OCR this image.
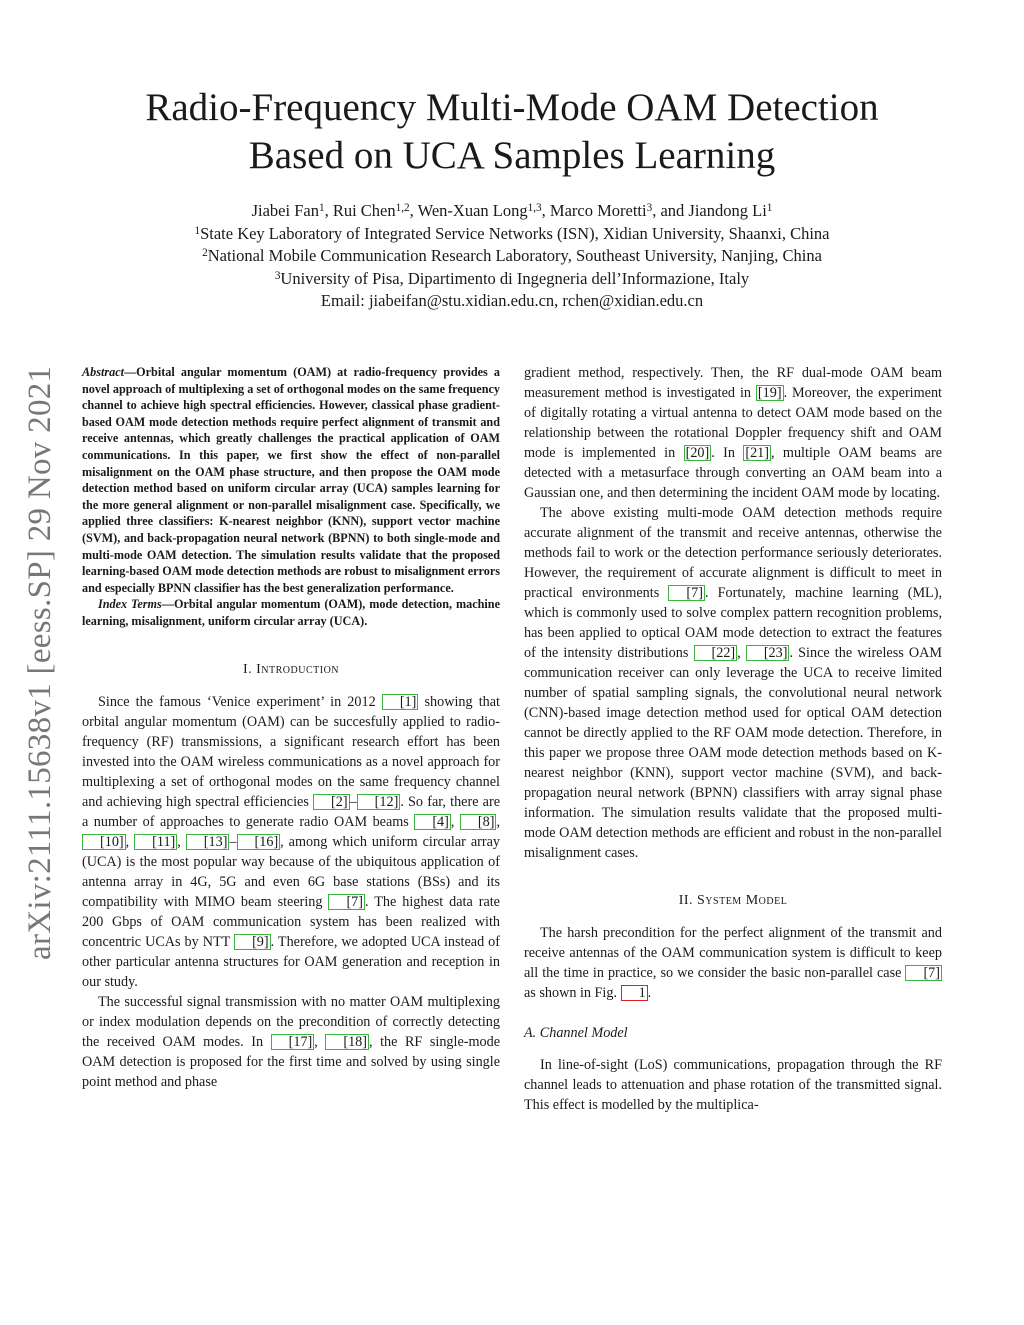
arXiv:2111.15638v1 [eess.SP] 29 Nov 2021
Radio-Frequency Multi-Mode OAM Detection
Based on UCA Samples Learning
Jiabei Fan$^1$, Rui Chen$^{1,2}$, Wen-Xuan Long$^{1,3}$, Marco Moretti$^3$, and Jiandong Li$^1$
$^1$State Key Laboratory of Integrated Service Networks (ISN), Xidian University, Shaanxi, China
$^2$National Mobile Communication Research Laboratory, Southeast University, Nanjing, China
$^3$University of Pisa, Dipartimento di Ingegneria dell’Informazione, Italy
Email: jiabeifan@stu.xidian.edu.cn, rchen@xidian.edu.cn
Abstract—Orbital angular momentum (OAM) at radio-frequency provides a novel approach of multiplexing a set of orthogonal modes on the same frequency channel to achieve high spectral efficiencies. However, classical phase gradient-based OAM mode detection methods require perfect alignment of transmit and receive antennas, which greatly challenges the practical application of OAM communications. In this paper, we first show the effect of non-parallel misalignment on the OAM phase structure, and then propose the OAM mode detection method based on uniform circular array (UCA) samples learning for the more general alignment or non-parallel misalignment case. Specifically, we applied three classifiers: K-nearest neighbor (KNN), support vector machine (SVM), and back-propagation neural network (BPNN) to both single-mode and multi-mode OAM detection. The simulation results validate that the proposed learning-based OAM mode detection methods are robust to misalignment errors and especially BPNN classifier has the best generalization performance.
Index Terms—Orbital angular momentum (OAM), mode detection, machine learning, misalignment, uniform circular array (UCA).
I. Introduction

Since the famous ‘Venice experiment’ in 2012 [1] showing that orbital angular momentum (OAM) can be succesfully applied to radio-frequency (RF) transmissions, a significant research effort has been invested into the OAM wireless communications as a novel approach for multiplexing a set of orthogonal modes on the same frequency channel and achieving high spectral efficiencies [2] – [12] . So far, there are a number of approaches to generate radio OAM beams [4] , [8] , [10] , [11] , [13] – [16] , among which uniform circular array (UCA) is the most popular way because of the ubiquitous application of antenna array in 4G, 5G and even 6G base stations (BSs) and its compatibility with MIMO beam steering [7] . The highest data rate 200 Gbps of OAM communication system has been realized with concentric UCAs by NTT [9] . Therefore, we adopted UCA instead of other particular antenna structures for OAM generation and reception in our study.

The successful signal transmission with no matter OAM multiplexing or index modulation depends on the precondition of correctly detecting the received OAM modes. In [17] , [18] , the RF single-mode OAM detection is proposed for the first time and solved by using single point method and phase

gradient method, respectively. Then, the RF dual-mode OAM beam measurement method is investigated in [19] . Moreover, the experiment of digitally rotating a virtual antenna to detect OAM mode based on the relationship between the rotational Doppler frequency shift and OAM mode is implemented in [20] . In [21] , multiple OAM beams are detected with a metasurface through converting an OAM beam into a Gaussian one, and then determining the incident OAM mode by locating.

The above existing multi-mode OAM detection methods require accurate alignment of the transmit and receive antennas, otherwise the methods fail to work or the detection performance seriously deteriorates. However, the requirement of accurate alignment is difficult to meet in practical environments [7] . Fortunately, machine learning (ML), which is commonly used to solve complex pattern recognition problems, has been applied to optical OAM mode detection to extract the features of the intensity distributions [22] , [23] . Since the wireless OAM communication receiver can only leverage the UCA to receive limited number of spatial sampling signals, the convolutional neural network (CNN)-based image detection method used for optical OAM detection cannot be directly applied to the RF OAM mode detection. Therefore, in this paper we propose three OAM mode detection methods based on K-nearest neighbor (KNN), support vector machine (SVM), and back-propagation neural network (BPNN) classifiers with array signal phase information. The simulation results validate that the proposed multi-mode OAM detection methods are efficient and robust in the non-parallel misalignment cases.

II. System Model

The harsh precondition for the perfect alignment of the transmit and receive antennas of the OAM communication system is difficult to keep all the time in practice, so we consider the basic non-parallel case [7] as shown in Fig. 1 .

A. Channel Model

In line-of-sight (LoS) communications, propagation through the RF channel leads to attenuation and phase rotation of the transmitted signal. This effect is modelled by the multiplica-
